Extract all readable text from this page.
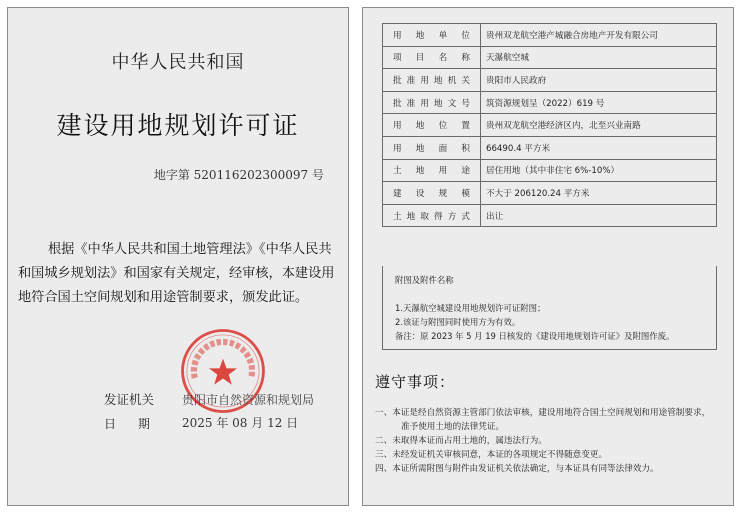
中华人民共和国
建设用地规划许可证
地字第 520116202300097 号
根据《中华人民共和国土地管理法》《中华人民共和国城乡规划法》和国家有关规定，经审核，本建设用地符合国土空间规划和用途管制要求，颁发此证。
发证机关 贵阳市自然资源和规划局
日 期	2025 年 08 月 12 日
用地单位	贵州双龙航空港产城融合房地产开发有限公司
项目名称	天瀑航空城
批准用地机关	贵阳市人民政府
批准用地文号	筑资源规划呈（2022）619 号
用地位置	贵州双龙航空港经济区内，北至兴业南路
用地面积	66490.4 平方米
土地用途	居住用地（其中非住宅 6%-10%）
建设规模	不大于 206120.24 平方米
土地取得方式	出让
附图及附件名称
1.天瀑航空城建设用地规划许可证附图；
2.该证与附图同时使用方为有效。
备注：原 2023 年 5 月 19 日核发的《建设用地规划许可证》及附图作废。
遵守事项：
一、本证是经自然资源主管部门依法审核，建设用地符合国土空间规划和用途管制要求，
准予使用土地的法律凭证。
二、未取得本证而占用土地的，属违法行为。
三、未经发证机关审核同意，本证的各项规定不得随意变更。
四、本证所需附图与附件由发证机关依法确定，与本证具有同等法律效力。
